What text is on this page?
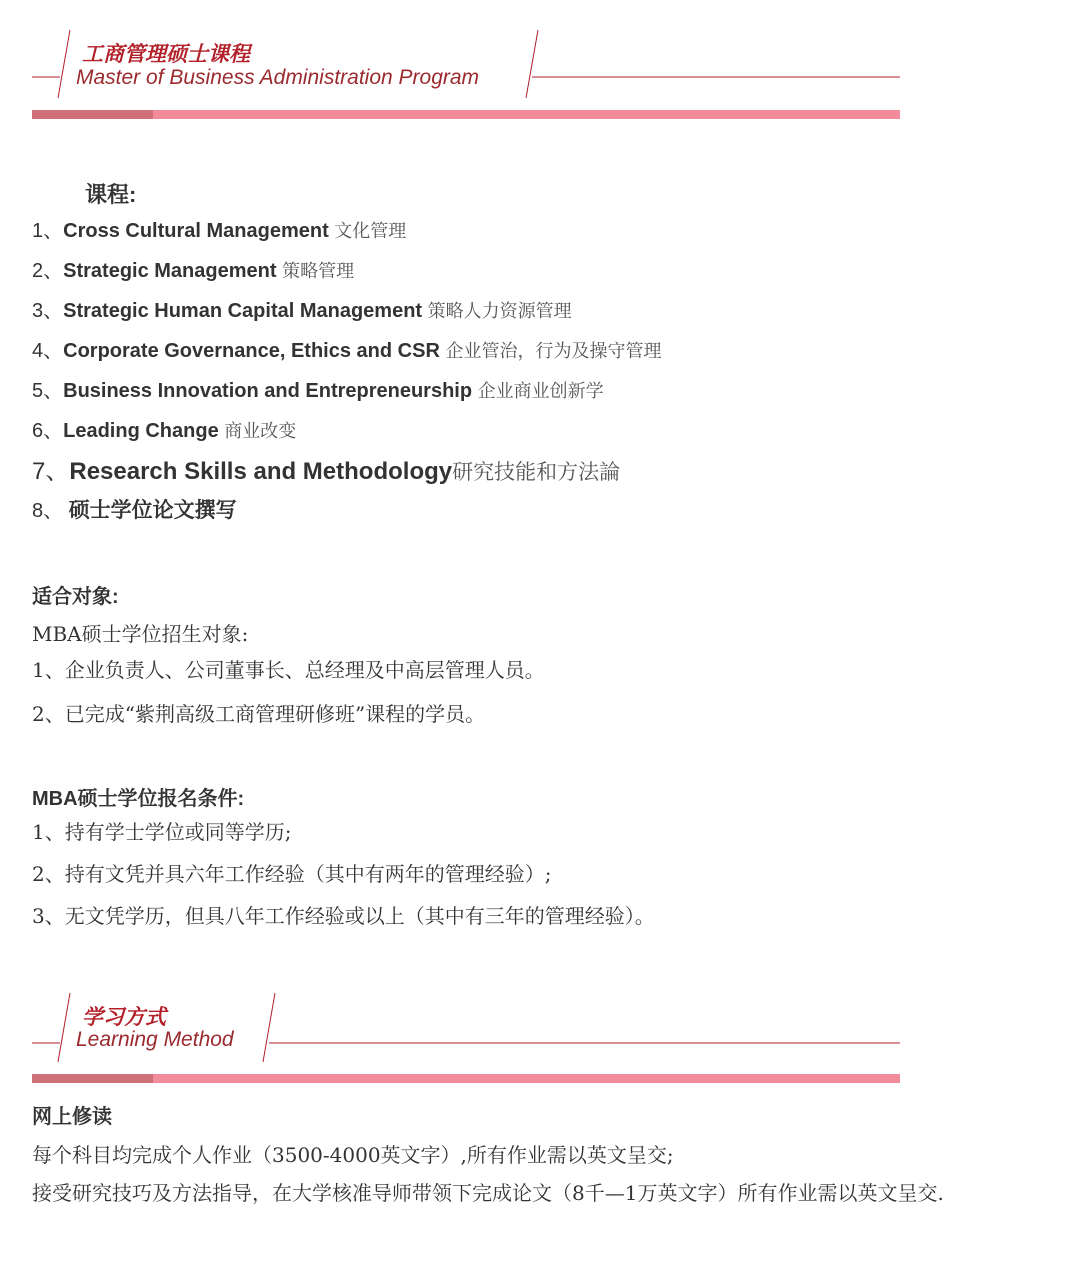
工商管理硕士课程
Master of Business Administration Program
课程:
1、Cross Cultural Management 文化管理
2、Strategic Management 策略管理
3、Strategic Human Capital Management 策略人力资源管理
4、Corporate Governance, Ethics and CSR 企业管治，行为及操守管理
5、Business Innovation and Entrepreneurship 企业商业创新学
6、Leading Change 商业改变
7、Research Skills and Methodology研究技能和方法論
8、 硕士学位论文撰写
适合对象:
MBA硕士学位招生对象:
1、企业负责人、公司董事长、总经理及中高层管理人员。
2、已完成“紫荆高级工商管理研修班”课程的学员。
MBA硕士学位报名条件:
1、持有学士学位或同等学历;
2、持有文凭并具六年工作经验（其中有两年的管理经验）;
3、无文凭学历，但具八年工作经验或以上（其中有三年的管理经验）。
学习方式
Learning Method
网上修读
每个科目均完成个人作业（3500-4000英文字）,所有作业需以英文呈交;
接受研究技巧及方法指导，在大学核准导师带领下完成论文（8千—1万英文字）所有作业需以英文呈交.
